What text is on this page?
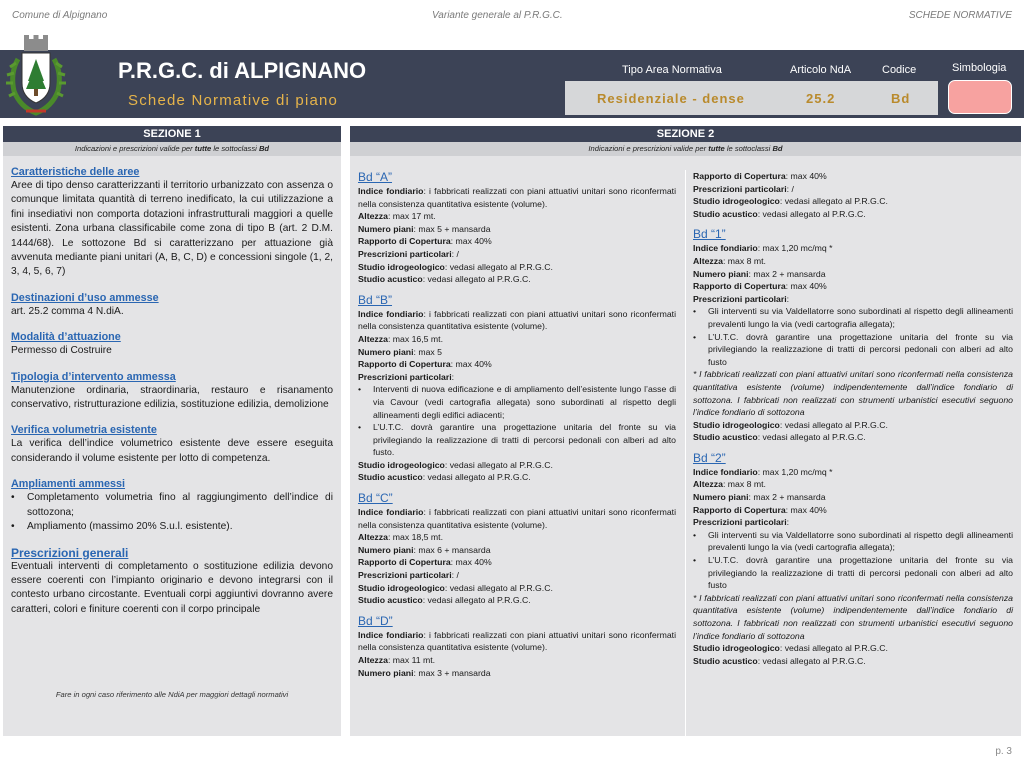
Comune di Alpignano	Variante generale al P.R.G.C.	SCHEDE NORMATIVE
P.R.G.C. di ALPIGNANO
Schede Normative di piano
Tipo Area Normativa	Articolo NdA	Codice	Simbologia
Residenziale - dense	25.2	Bd
SEZIONE 1
Indicazioni e prescrizioni valide per tutte le sottoclassi Bd
Caratteristiche delle aree

Aree di tipo denso caratterizzanti il territorio urbanizzato con assenza o comunque limitata quantità di terreno inedificato, la cui utilizzazione a fini insediativi non comporta dotazioni infrastrutturali maggiori a quelle esistenti. Zona urbana classificabile come zona di tipo B (art. 2 D.M. 1444/68). Le sottozone Bd si caratterizzano per attuazione già avvenuta mediante piani unitari (A, B, C, D) e concessioni singole (1, 2, 3, 4, 5, 6, 7)

Destinazioni d’uso ammesse

art. 25.2 comma 4 N.diA.

Modalità d’attuazione

Permesso di Costruire

Tipologia d’intervento ammessa

Manutenzione ordinaria, straordinaria, restauro e risanamento conservativo, ristrutturazione edilizia, sostituzione edilizia, demolizione

Verifica volumetria esistente

La verifica dell’indice volumetrico esistente deve essere eseguita considerando il volume esistente per lotto di competenza.

Ampliamenti ammessi
• Completamento volumetria fino al raggiungimento dell’indice di sottozona;
• Ampliamento (massimo 20% S.u.l. esistente).
Prescrizioni generali

Eventuali interventi di completamento o sostituzione edilizia devono essere coerenti con l’impianto originario e devono integrarsi con il contesto urbano circostante. Eventuali corpi aggiuntivi dovranno avere caratteri, colori e finiture coerenti con il corpo principale

Fare in ogni caso riferimento alle NdiA per maggiori dettagli normativi
SEZIONE 2
Indicazioni e prescrizioni valide per tutte le sottoclassi Bd
Bd “A”
Indice fondiario: i fabbricati realizzati con piani attuativi unitari sono riconfermati nella consistenza quantitativa esistente (volume).
Altezza: max 17 mt.
Numero piani: max 5 + mansarda
Rapporto di Copertura: max 40%
Prescrizioni particolari: /
Studio idrogeologico: vedasi allegato al P.R.G.C.
Studio acustico: vedasi allegato al P.R.G.C.
Bd “B”
Indice fondiario: i fabbricati realizzati con piani attuativi unitari sono riconfermati nella consistenza quantitativa esistente (volume).
Altezza: max 16,5 mt.
Numero piani: max 5
Rapporto di Copertura: max 40%
Prescrizioni particolari:
• Interventi di nuova edificazione e di ampliamento dell’esistente lungo l’asse di via Cavour (vedi cartografia allegata) sono subordinati al rispetto degli allineamenti degli edifici adiacenti;
• L’U.T.C. dovrà garantire una progettazione unitaria del fronte su via privilegiando la realizzazione di tratti di percorsi pedonali con alberi ad alto fusto.
Studio idrogeologico: vedasi allegato al P.R.G.C.
Studio acustico: vedasi allegato al P.R.G.C.
Bd “C”
Indice fondiario: i fabbricati realizzati con piani attuativi unitari sono riconfermati nella consistenza quantitativa esistente (volume).
Altezza: max 18,5 mt.
Numero piani: max 6 + mansarda
Rapporto di Copertura: max 40%
Prescrizioni particolari: /
Studio idrogeologico: vedasi allegato al P.R.G.C.
Studio acustico: vedasi allegato al P.R.G.C.
Bd “D”
Indice fondiario: i fabbricati realizzati con piani attuativi unitari sono riconfermati nella consistenza quantitativa esistente (volume).
Altezza: max 11 mt.
Numero piani: max 3 + mansarda
Rapporto di Copertura: max 40%
Prescrizioni particolari: /
Studio idrogeologico: vedasi allegato al P.R.G.C.
Studio acustico: vedasi allegato al P.R.G.C.
Bd “1”
Indice fondiario: max 1,20 mc/mq *
Altezza: max 8 mt.
Numero piani: max 2 + mansarda
Rapporto di Copertura: max 40%
Prescrizioni particolari:
• Gli interventi su via Valdellatorre sono subordinati al rispetto degli allineamenti prevalenti lungo la via (vedi cartografia allegata);
• L’U.T.C. dovrà garantire una progettazione unitaria del fronte su via privilegiando la realizzazione di tratti di percorsi pedonali con alberi ad alto fusto
* I fabbricati realizzati con piani attuativi unitari sono riconfermati nella consistenza quantitativa esistente (volume) indipendentemente dall’indice fondiario di sottozona. I fabbricati non realizzati con strumenti urbanistici esecutivi seguono l’indice fondiario di sottozona
Studio idrogeologico: vedasi allegato al P.R.G.C.
Studio acustico: vedasi allegato al P.R.G.C.
Bd “2”
Indice fondiario: max 1,20 mc/mq *
Altezza: max 8 mt.
Numero piani: max 2 + mansarda
Rapporto di Copertura: max 40%
Prescrizioni particolari:
• Gli interventi su via Valdellatorre sono subordinati al rispetto degli allineamenti prevalenti lungo la via (vedi cartografia allegata);
• L’U.T.C. dovrà garantire una progettazione unitaria del fronte su via privilegiando la realizzazione di tratti di percorsi pedonali con alberi ad alto fusto
* I fabbricati realizzati con piani attuativi unitari sono riconfermati nella consistenza quantitativa esistente (volume) indipendentemente dall’indice fondiario di sottozona. I fabbricati non realizzati con strumenti urbanistici esecutivi seguono l’indice fondiario di sottozona
Studio idrogeologico: vedasi allegato al P.R.G.C.
Studio acustico: vedasi allegato al P.R.G.C.
p. 3
